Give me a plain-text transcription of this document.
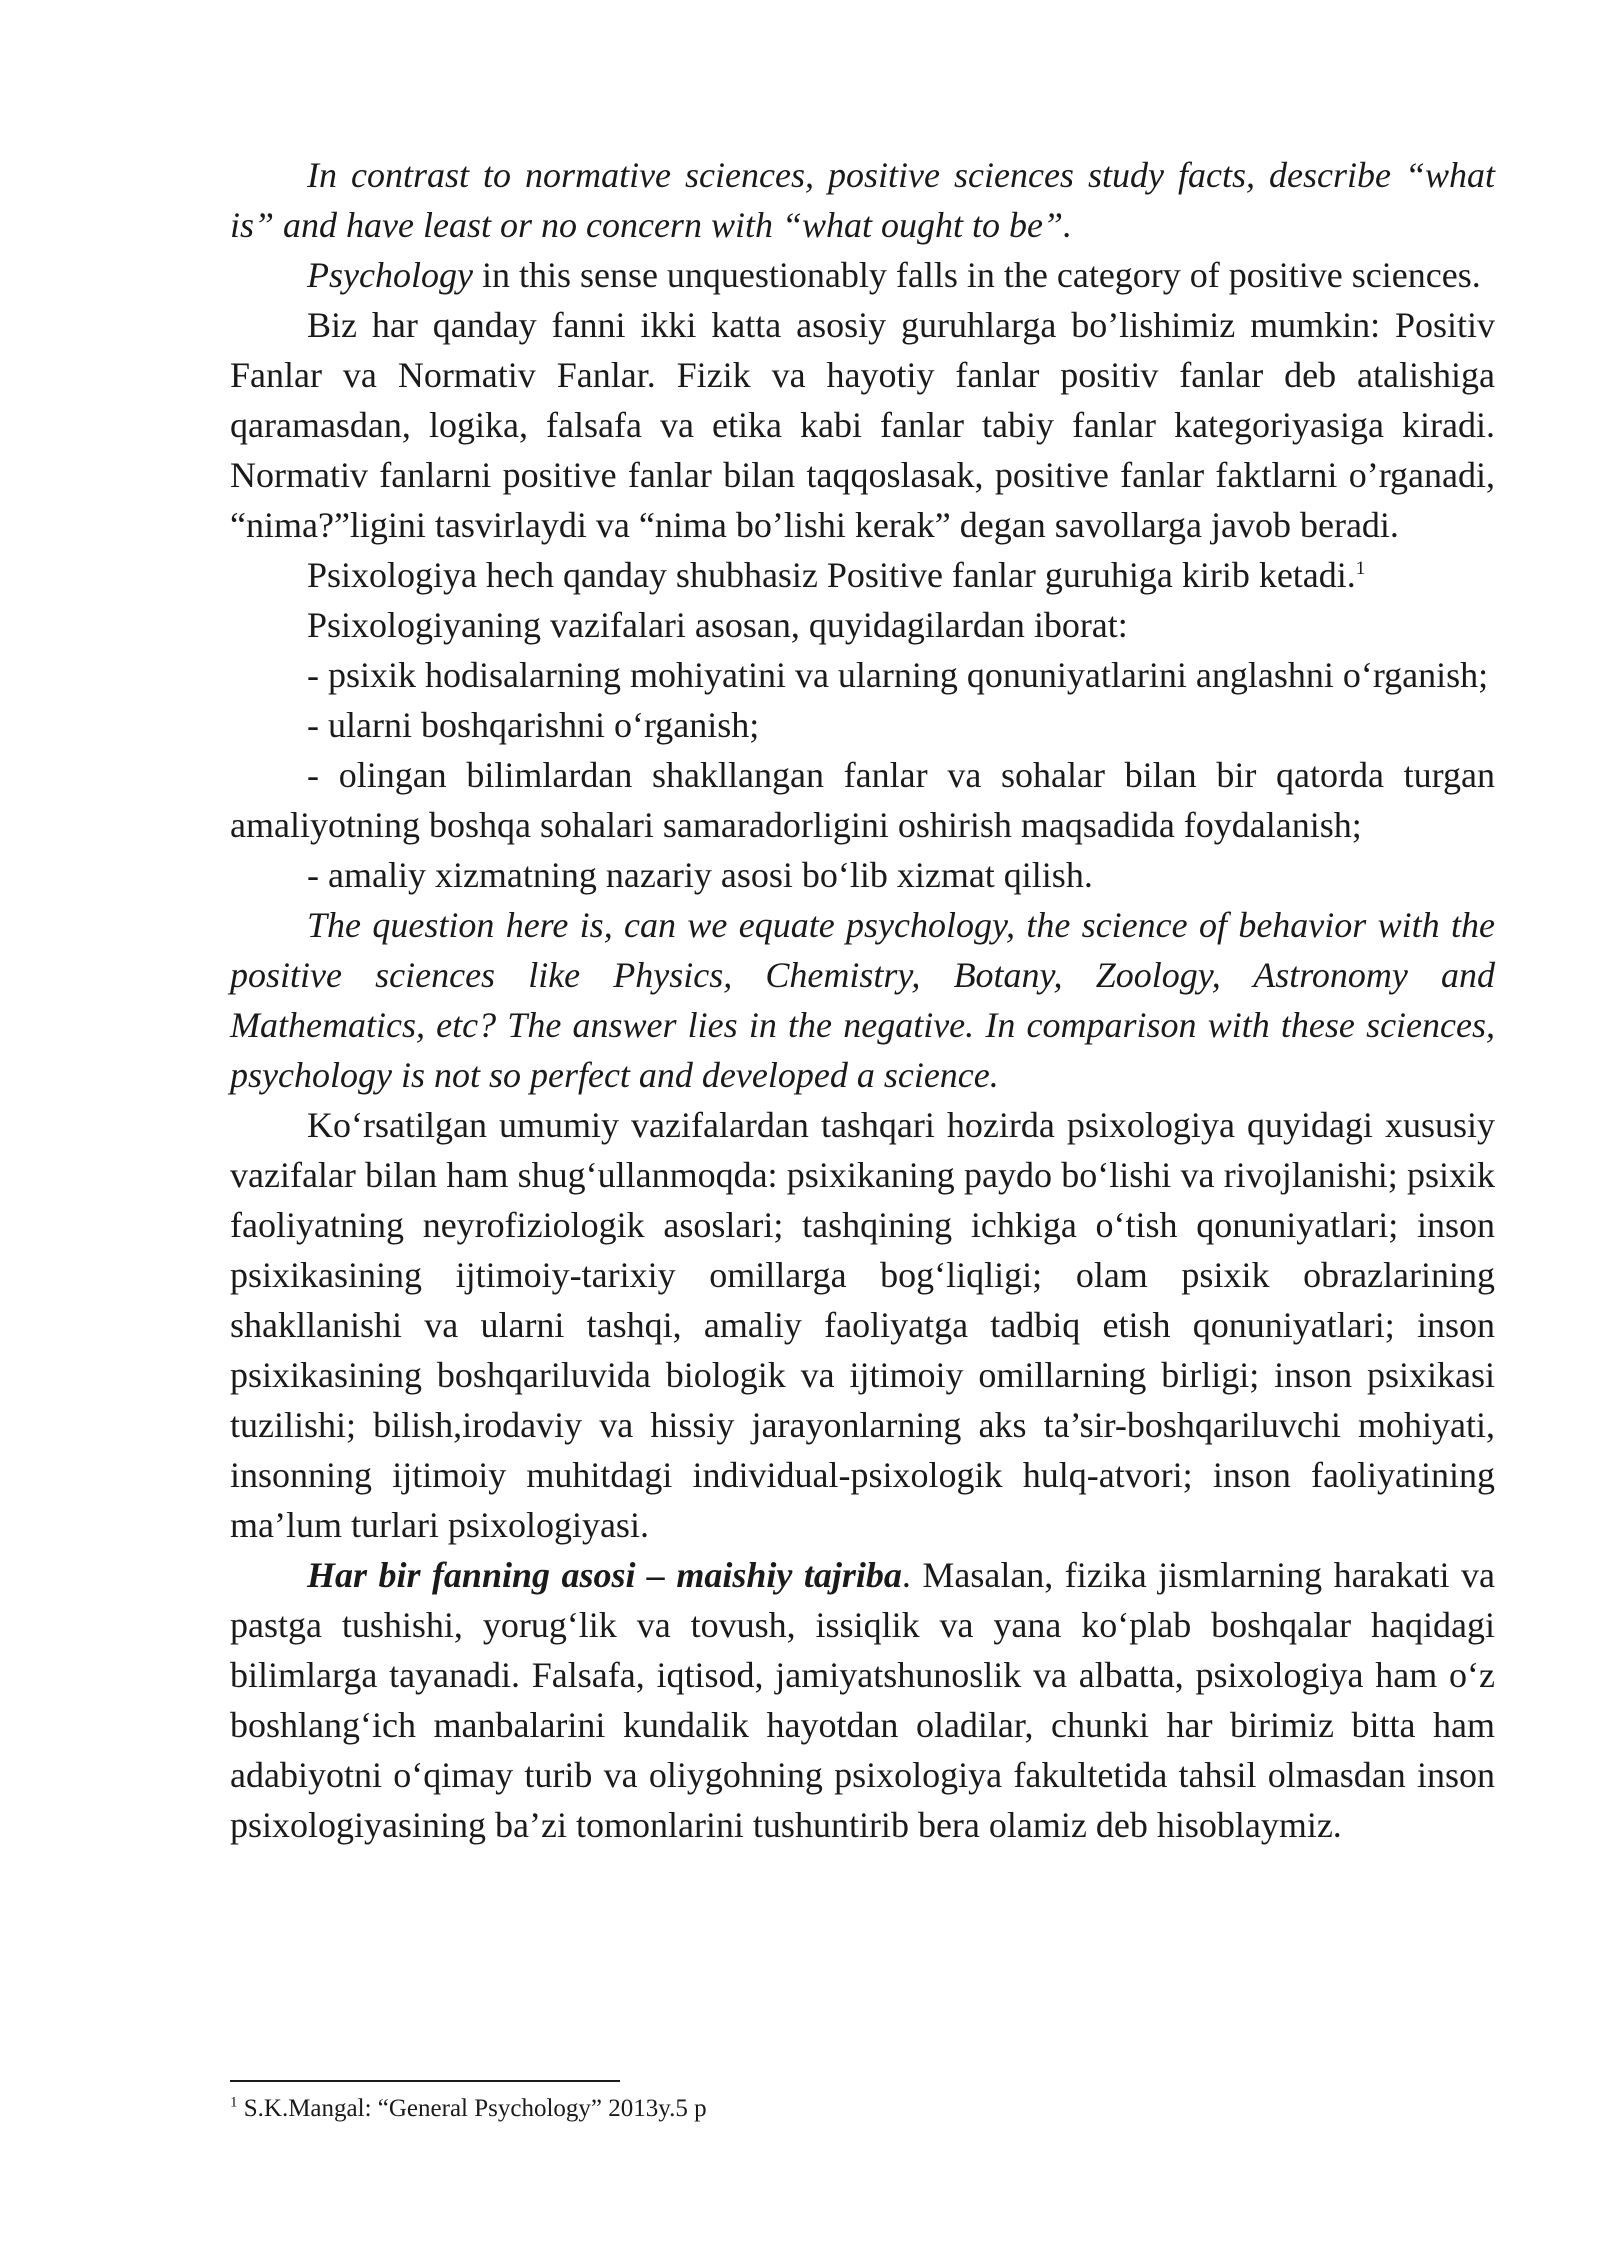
In contrast to normative sciences, positive sciences study facts, describe “what is” and have least or no concern with “what ought to be”.

Psychology in this sense unquestionably falls in the category of positive sciences.

Biz har qanday fanni ikki katta asosiy guruhlarga bo’lishimiz mumkin: Positiv Fanlar va Normativ Fanlar. Fizik va hayotiy fanlar positiv fanlar deb atalishiga qaramasdan, logika, falsafa va etika kabi fanlar tabiy fanlar kategoriyasiga kiradi. Normativ fanlarni positive fanlar bilan taqqoslasak, positive fanlar faktlarni o’rganadi, “nima?”ligini tasvirlaydi va “nima bo’lishi kerak” degan savollarga javob beradi.

Psixologiya hech qanday shubhasiz Positive fanlar guruhiga kirib ketadi.$^1$

Psixologiyaning vazifalari asosan, quyidagilardan iborat:

- psixik hodisalarning mohiyatini va ularning qonuniyatlarini anglashni o‘rganish;

- ularni boshqarishni o‘rganish;

- olingan bilimlardan shakllangan fanlar va sohalar bilan bir qatorda turgan amaliyotning boshqa sohalari samaradorligini oshirish maqsadida foydalanish;

- amaliy xizmatning nazariy asosi bo‘lib xizmat qilish.

The question here is, can we equate psychology, the science of behavior with the positive sciences like Physics, Chemistry, Botany, Zoology, Astronomy and Mathematics, etc? The answer lies in the negative. In comparison with these sciences, psychology is not so perfect and developed a science.

Ko‘rsatilgan umumiy vazifalardan tashqari hozirda psixologiya quyidagi xususiy vazifalar bilan ham shug‘ullanmoqda: psixikaning paydo bo‘lishi va rivojlanishi; psixik faoliyatning neyrofiziologik asoslari; tashqining ichkiga o‘tish qonuniyatlari; inson psixikasining ijtimoiy-tarixiy omillarga bog‘liqligi; olam psixik obrazlarining shakllanishi va ularni tashqi, amaliy faoliyatga tadbiq etish qonuniyatlari; inson psixikasining boshqariluvida biologik va ijtimoiy omillarning birligi; inson psixikasi tuzilishi; bilish,irodaviy va hissiy jarayonlarning aks ta’sir-boshqariluvchi mohiyati, insonning ijtimoiy muhitdagi individual-psixologik hulq-atvori; inson faoliyatining ma’lum turlari psixologiyasi.

Har bir fanning asosi – maishiy tajriba. Masalan, fizika jismlarning harakati va pastga tushishi, yorug‘lik va tovush, issiqlik va yana ko‘plab boshqalar haqidagi bilimlarga tayanadi. Falsafa, iqtisod, jamiyatshunoslik va albatta, psixologiya ham o‘z boshlang‘ich manbalarini kundalik hayotdan oladilar, chunki har birimiz bitta ham adabiyotni o‘qimay turib va oliygohning psixologiya fakultetida tahsil olmasdan inson psixologiyasining ba’zi tomonlarini tushuntirib bera olamiz deb hisoblaymiz.

$^1$ S.K.Mangal: “General Psychology” 2013y.5 p
